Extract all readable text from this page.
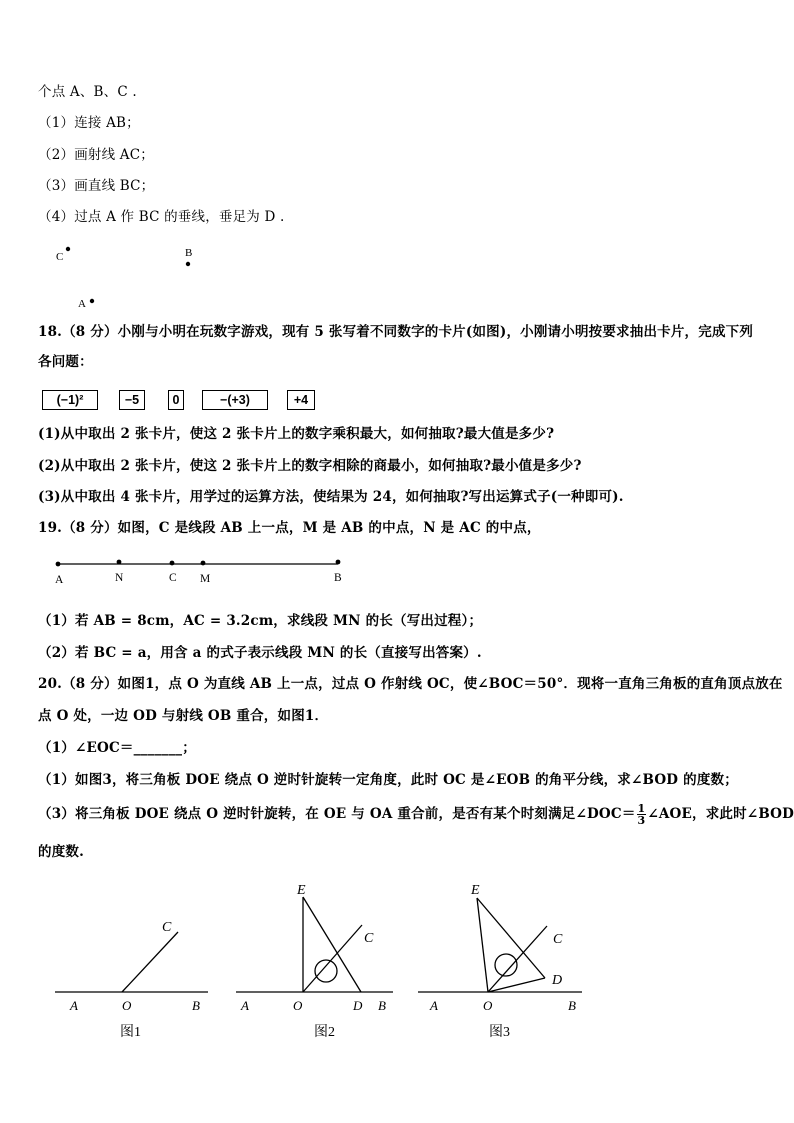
个点 A、B、C .
（1）连接 AB；
（2）画射线 AC；
（3）画直线 BC；
（4）过点 A 作 BC 的垂线，垂足为 D .
C	B
A
18.（8 分）小刚与小明在玩数字游戏，现有 5 张写着不同数字的卡片(如图)，小刚请小明按要求抽出卡片，完成下列
各问题：
(−1)²	−5	0	−(+3)	+4
(1)从中取出 2 张卡片，使这 2 张卡片上的数字乘积最大，如何抽取?最大值是多少?
(2)从中取出 2 张卡片，使这 2 张卡片上的数字相除的商最小，如何抽取?最小值是多少?
(3)从中取出 4 张卡片，用学过的运算方法，使结果为 24，如何抽取?写出运算式子(一种即可).
19.（8 分）如图，C 是线段 AB 上一点，M 是 AB 的中点，N 是 AC 的中点，
A	N	C M	B
（1）若 AB = 8cm，AC = 3.2cm，求线段 MN 的长（写出过程）；
（2）若 BC = a，用含 a 的式子表示线段 MN 的长（直接写出答案）.
20.（8 分）如图1，点 O 为直线 AB 上一点，过点 O 作射线 OC，使∠BOC＝50°．现将一直角三角板的直角顶点放在
点 O 处，一边 OD 与射线 OB 重合，如图1．
（1）∠EOC＝_______；
（1）如图3，将三角板 DOE 绕点 O 逆时针旋转一定角度，此时 OC 是∠EOB 的角平分线，求∠BOD 的度数；
（3）将三角板 DOE 绕点 O 逆时针旋转，在 OE 与 OA 重合前，是否有某个时刻满足∠DOC＝ $\frac{1}{3}$ ∠AOE，求此时∠BOD
的度数.
C
A	O	B
图1
E
C
A	O	D B
图2
E
C
D
A	O	B
图3
